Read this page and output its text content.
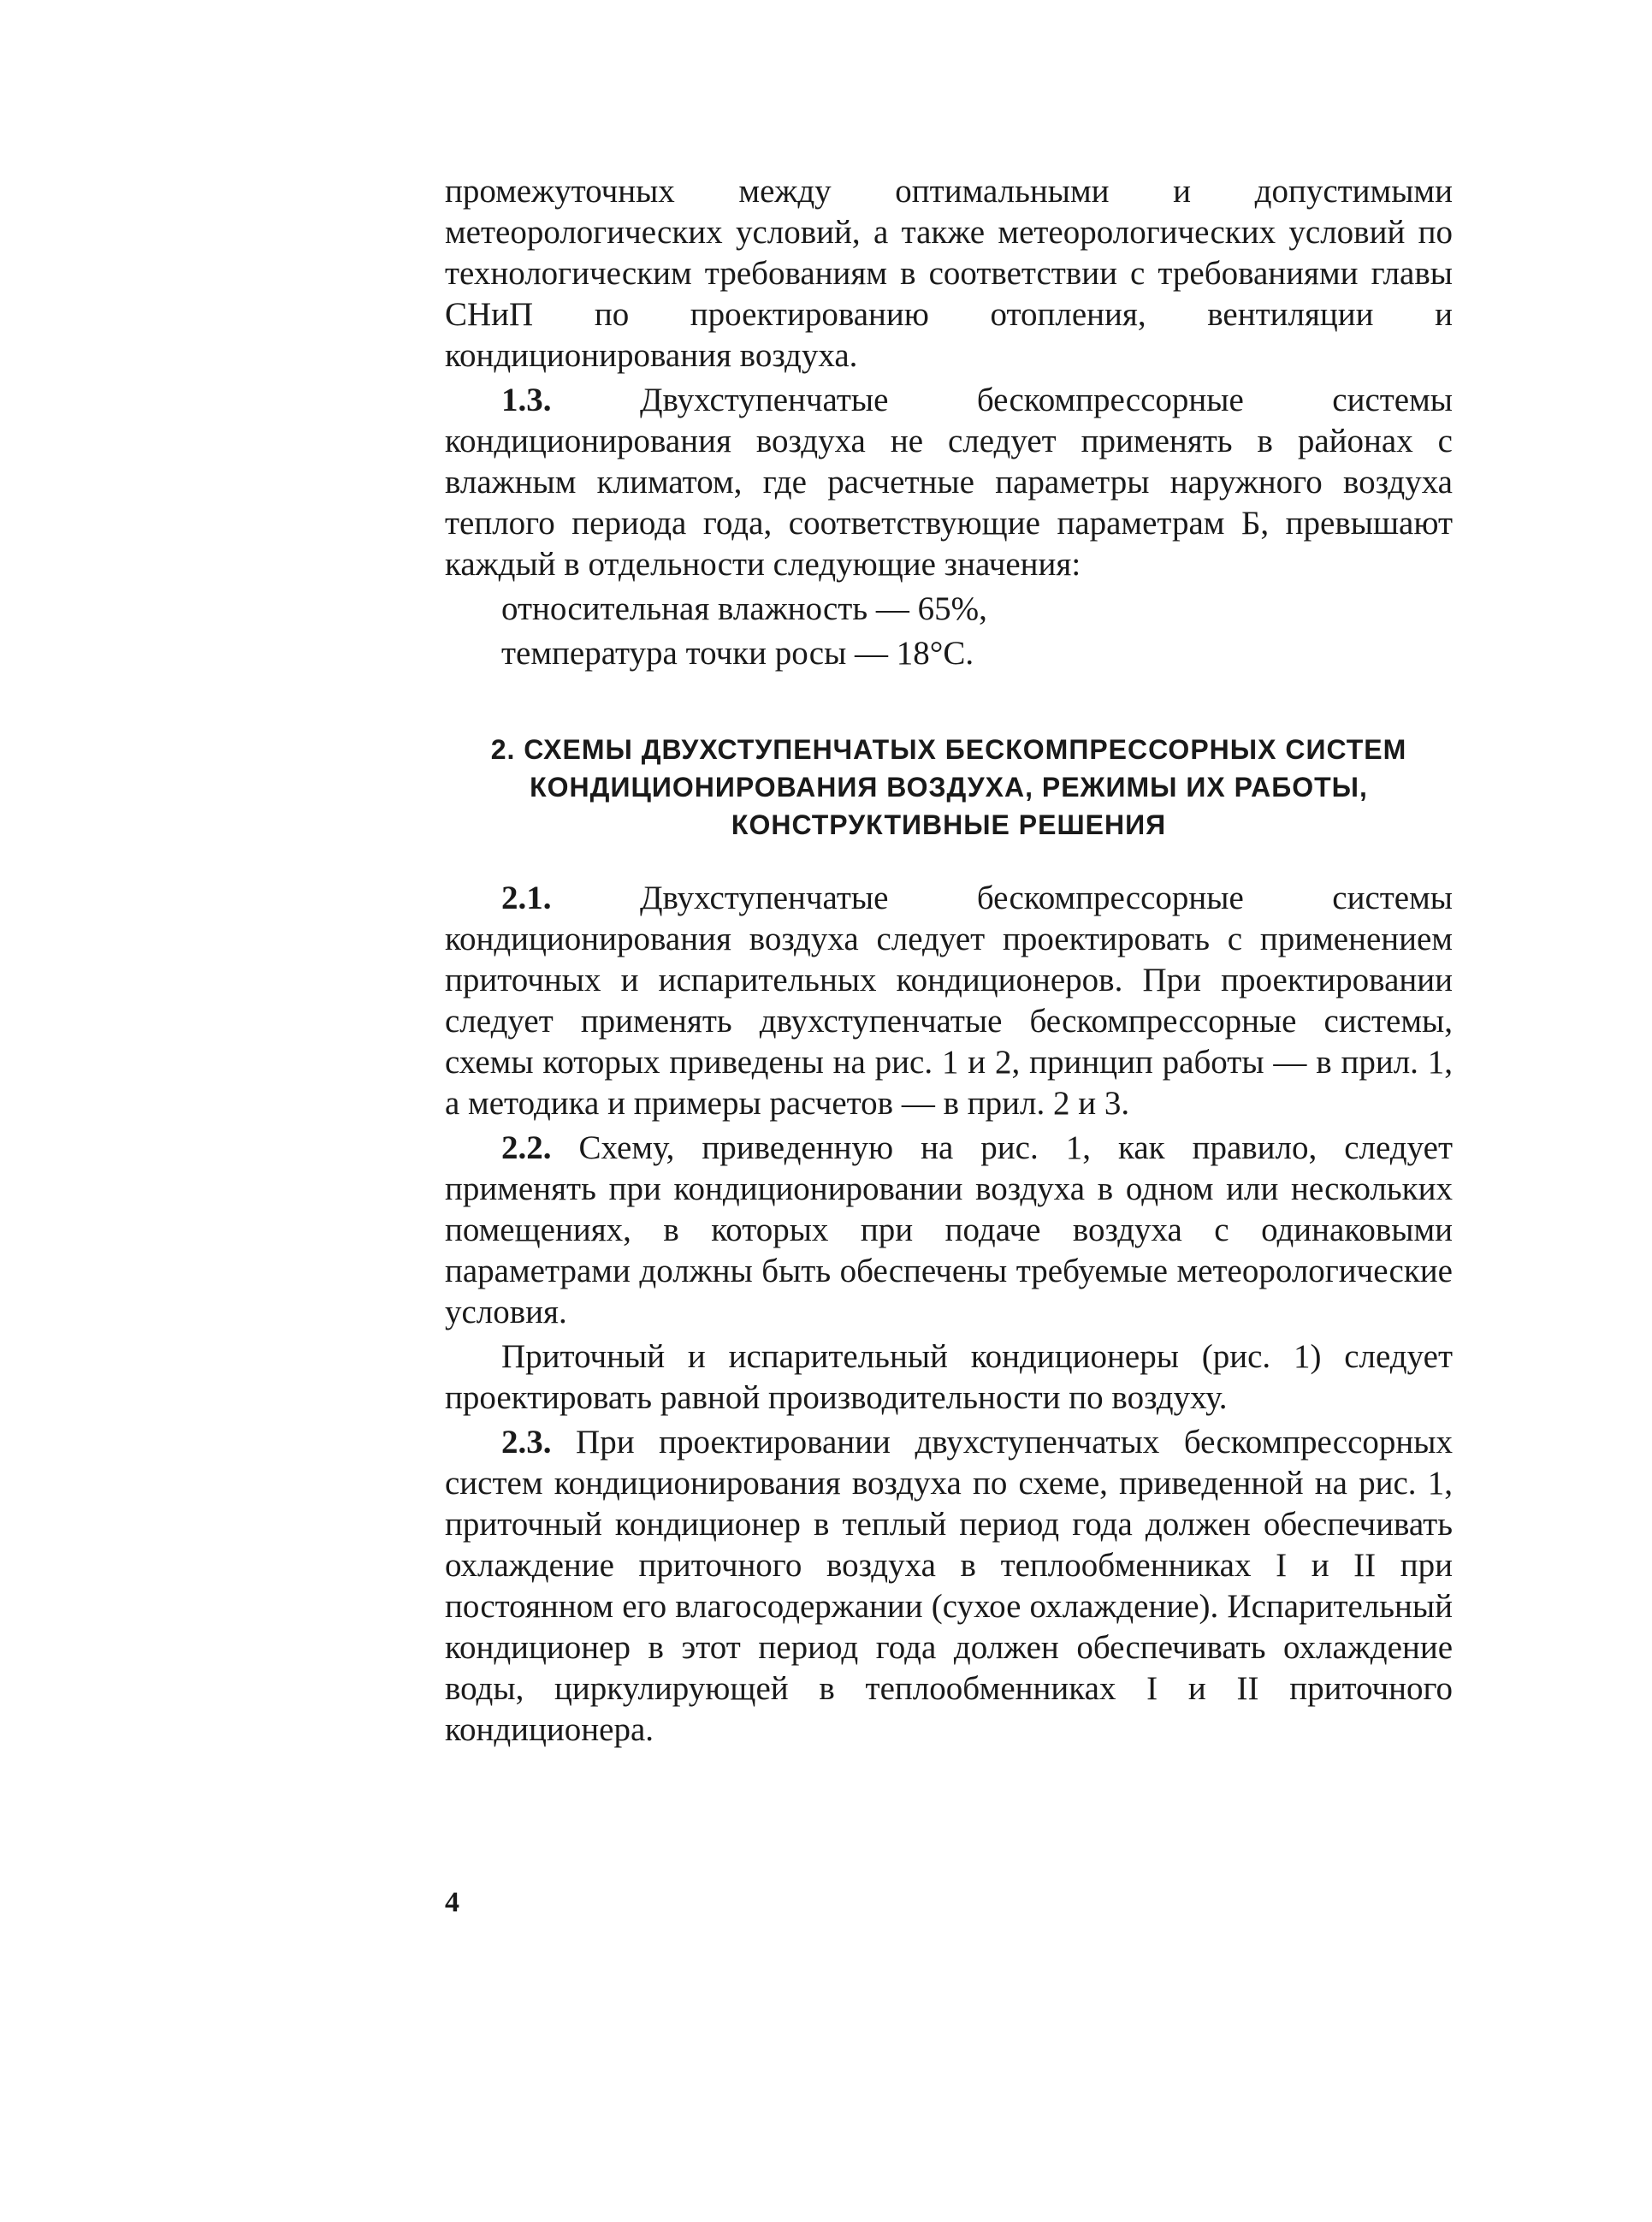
промежуточных между оптимальными и допустимыми метеорологических условий, а также метеорологических условий по технологическим требованиям в соответствии с требованиями главы СНиП по проектированию отопления, вентиляции и кондиционирования воздуха.

1.3. Двухступенчатые бескомпрессорные системы кондиционирования воздуха не следует применять в районах с влажным климатом, где расчетные параметры наружного воздуха теплого периода года, соответствующие параметрам Б, превышают каждый в отдельности следующие значения:

относительная влажность — 65%,

температура точки росы — 18°С.

2. СХЕМЫ ДВУХСТУПЕНЧАТЫХ БЕСКОМПРЕССОРНЫХ СИСТЕМ
КОНДИЦИОНИРОВАНИЯ ВОЗДУХА, РЕЖИМЫ ИХ РАБОТЫ,
КОНСТРУКТИВНЫЕ РЕШЕНИЯ

2.1. Двухступенчатые бескомпрессорные системы кондиционирования воздуха следует проектировать с применением приточных и испарительных кондиционеров. При проектировании следует применять двухступенчатые бескомпрессорные системы, схемы которых приведены на рис. 1 и 2, принцип работы — в прил. 1, а методика и примеры расчетов — в прил. 2 и 3.

2.2. Схему, приведенную на рис. 1, как правило, следует применять при кондиционировании воздуха в одном или нескольких помещениях, в которых при подаче воздуха с одинаковыми параметрами должны быть обеспечены требуемые метеорологические условия.

Приточный и испарительный кондиционеры (рис. 1) следует проектировать равной производительности по воздуху.

2.3. При проектировании двухступенчатых бескомпрессорных систем кондиционирования воздуха по схеме, приведенной на рис. 1, приточный кондиционер в теплый период года должен обеспечивать охлаждение приточного воздуха в теплообменниках I и II при постоянном его влагосодержании (сухое охлаждение). Испарительный кондиционер в этот период года должен обеспечивать охлаждение воды, циркулирующей в теплообменниках I и II приточного кондиционера.

4
